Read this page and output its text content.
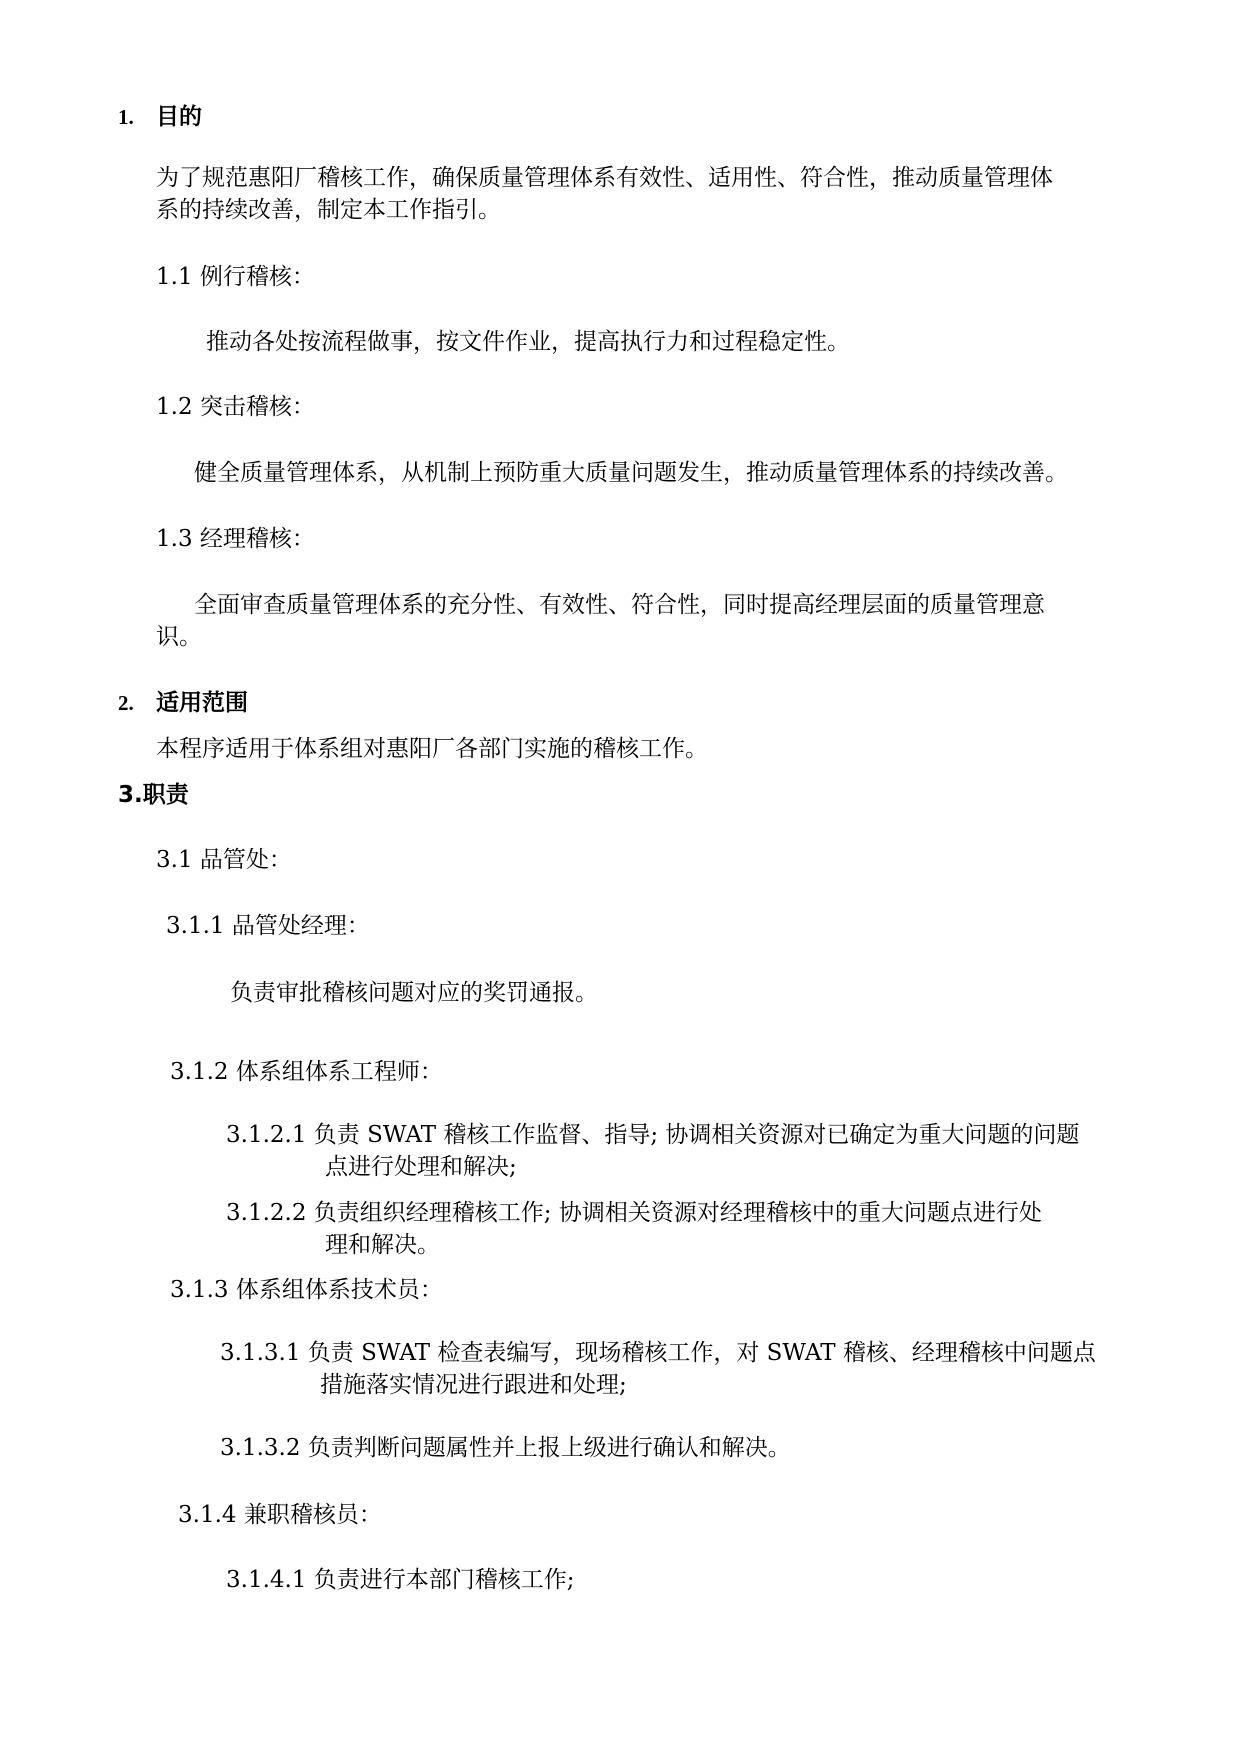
1. 目的
为了规范惠阳厂稽核工作，确保质量管理体系有效性、适用性、符合性，推动质量管理体
系的持续改善，制定本工作指引。
1.1 例行稽核：
推动各处按流程做事，按文件作业，提高执行力和过程稳定性。
1.2 突击稽核：
健全质量管理体系，从机制上预防重大质量问题发生，推动质量管理体系的持续改善。
1.3 经理稽核：
全面审查质量管理体系的充分性、有效性、符合性，同时提高经理层面的质量管理意
识。
2. 适用范围
本程序适用于体系组对惠阳厂各部门实施的稽核工作。
3.职责
3.1 品管处：
3.1.1 品管处经理：
负责审批稽核问题对应的奖罚通报。
3.1.2 体系组体系工程师：
3.1.2.1 负责 SWAT 稽核工作监督、指导; 协调相关资源对已确定为重大问题的问题
点进行处理和解决;
3.1.2.2 负责组织经理稽核工作; 协调相关资源对经理稽核中的重大问题点进行处
理和解决。
3.1.3 体系组体系技术员：
3.1.3.1 负责 SWAT 检查表编写，现场稽核工作，对 SWAT 稽核、经理稽核中问题点
措施落实情况进行跟进和处理;
3.1.3.2 负责判断问题属性并上报上级进行确认和解决。
3.1.4 兼职稽核员：
3.1.4.1 负责进行本部门稽核工作;
